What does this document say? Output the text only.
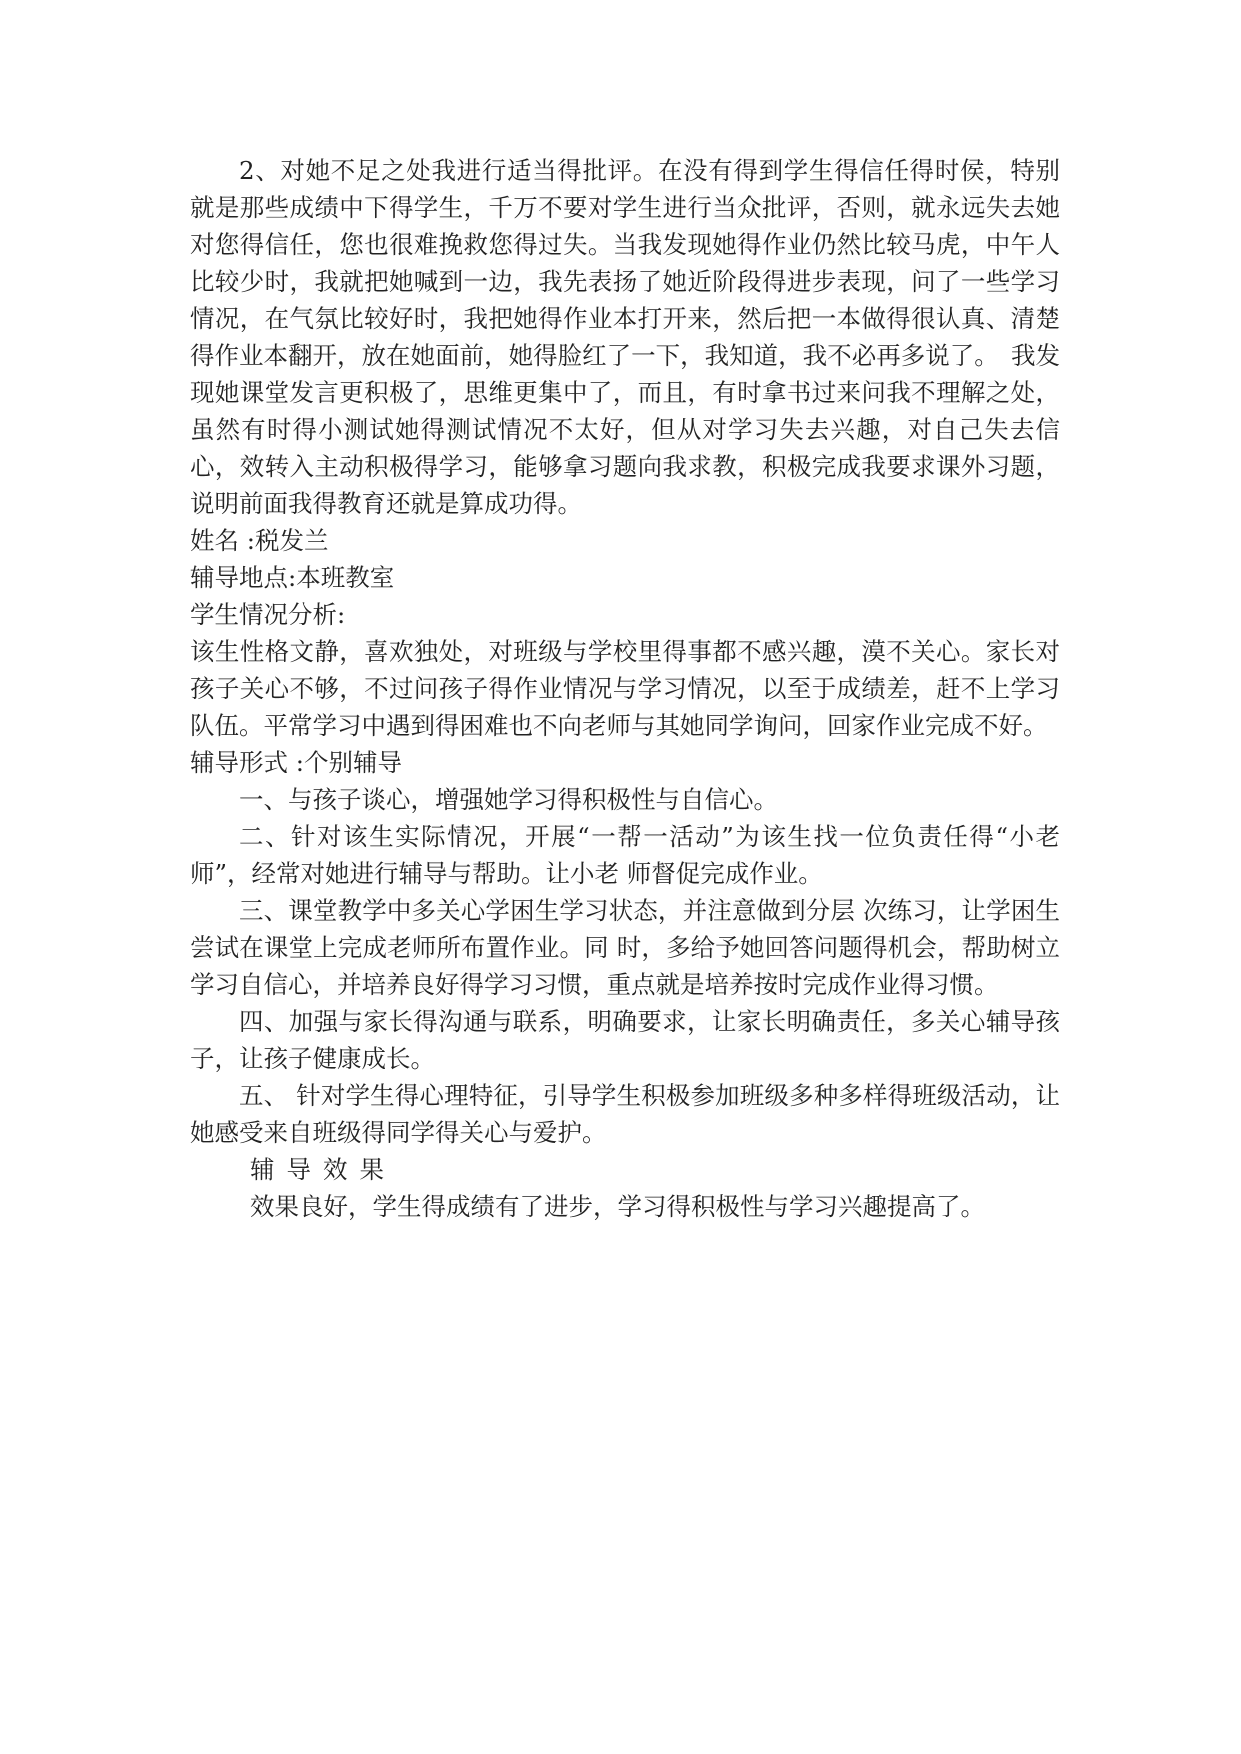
2、对她不足之处我进行适当得批评。在没有得到学生得信任得时侯，特别就是那些成绩中下得学生，千万不要对学生进行当众批评，否则，就永远失去她对您得信任，您也很难挽救您得过失。当我发现她得作业仍然比较马虎，中午人比较少时，我就把她喊到一边，我先表扬了她近阶段得进步表现，问了一些学习情况，在气氛比较好时，我把她得作业本打开来，然后把一本做得很认真、清楚得作业本翻开，放在她面前，她得脸红了一下，我知道，我不必再多说了。　我发现她课堂发言更积极了，思维更集中了，而且，有时拿书过来问我不理解之处，虽然有时得小测试她得测试情况不太好，但从对学习失去兴趣，对自己失去信心，效转入主动积极得学习，能够拿习题向我求教，积极完成我要求课外习题，说明前面我得教育还就是算成功得。

姓名 :税发兰

辅导地点:本班教室

学生情况分析:

该生性格文静，喜欢独处，对班级与学校里得事都不感兴趣，漠不关心。家长对孩子关心不够，不过问孩子得作业情况与学习情况，以至于成绩差，赶不上学习队伍。平常学习中遇到得困难也不向老师与其她同学询问，回家作业完成不好。

辅导形式 :个别辅导

一、与孩子谈心，增强她学习得积极性与自信心。

二、针对该生实际情况，开展“一帮一活动”为该生找一位负责任得“小老师”，经常对她进行辅导与帮助。让小老 师督促完成作业。

三、课堂教学中多关心学困生学习状态，并注意做到分层 次练习，让学困生尝试在课堂上完成老师所布置作业。同 时，多给予她回答问题得机会，帮助树立学习自信心，并培养良好得学习习惯，重点就是培养按时完成作业得习惯。

四、加强与家长得沟通与联系，明确要求，让家长明确责任，多关心辅导孩子，让孩子健康成长。

五、 针对学生得心理特征，引导学生积极参加班级多种多样得班级活动，让她感受来自班级得同学得关心与爱护。

辅导效果

效果良好，学生得成绩有了进步，学习得积极性与学习兴趣提高了。
